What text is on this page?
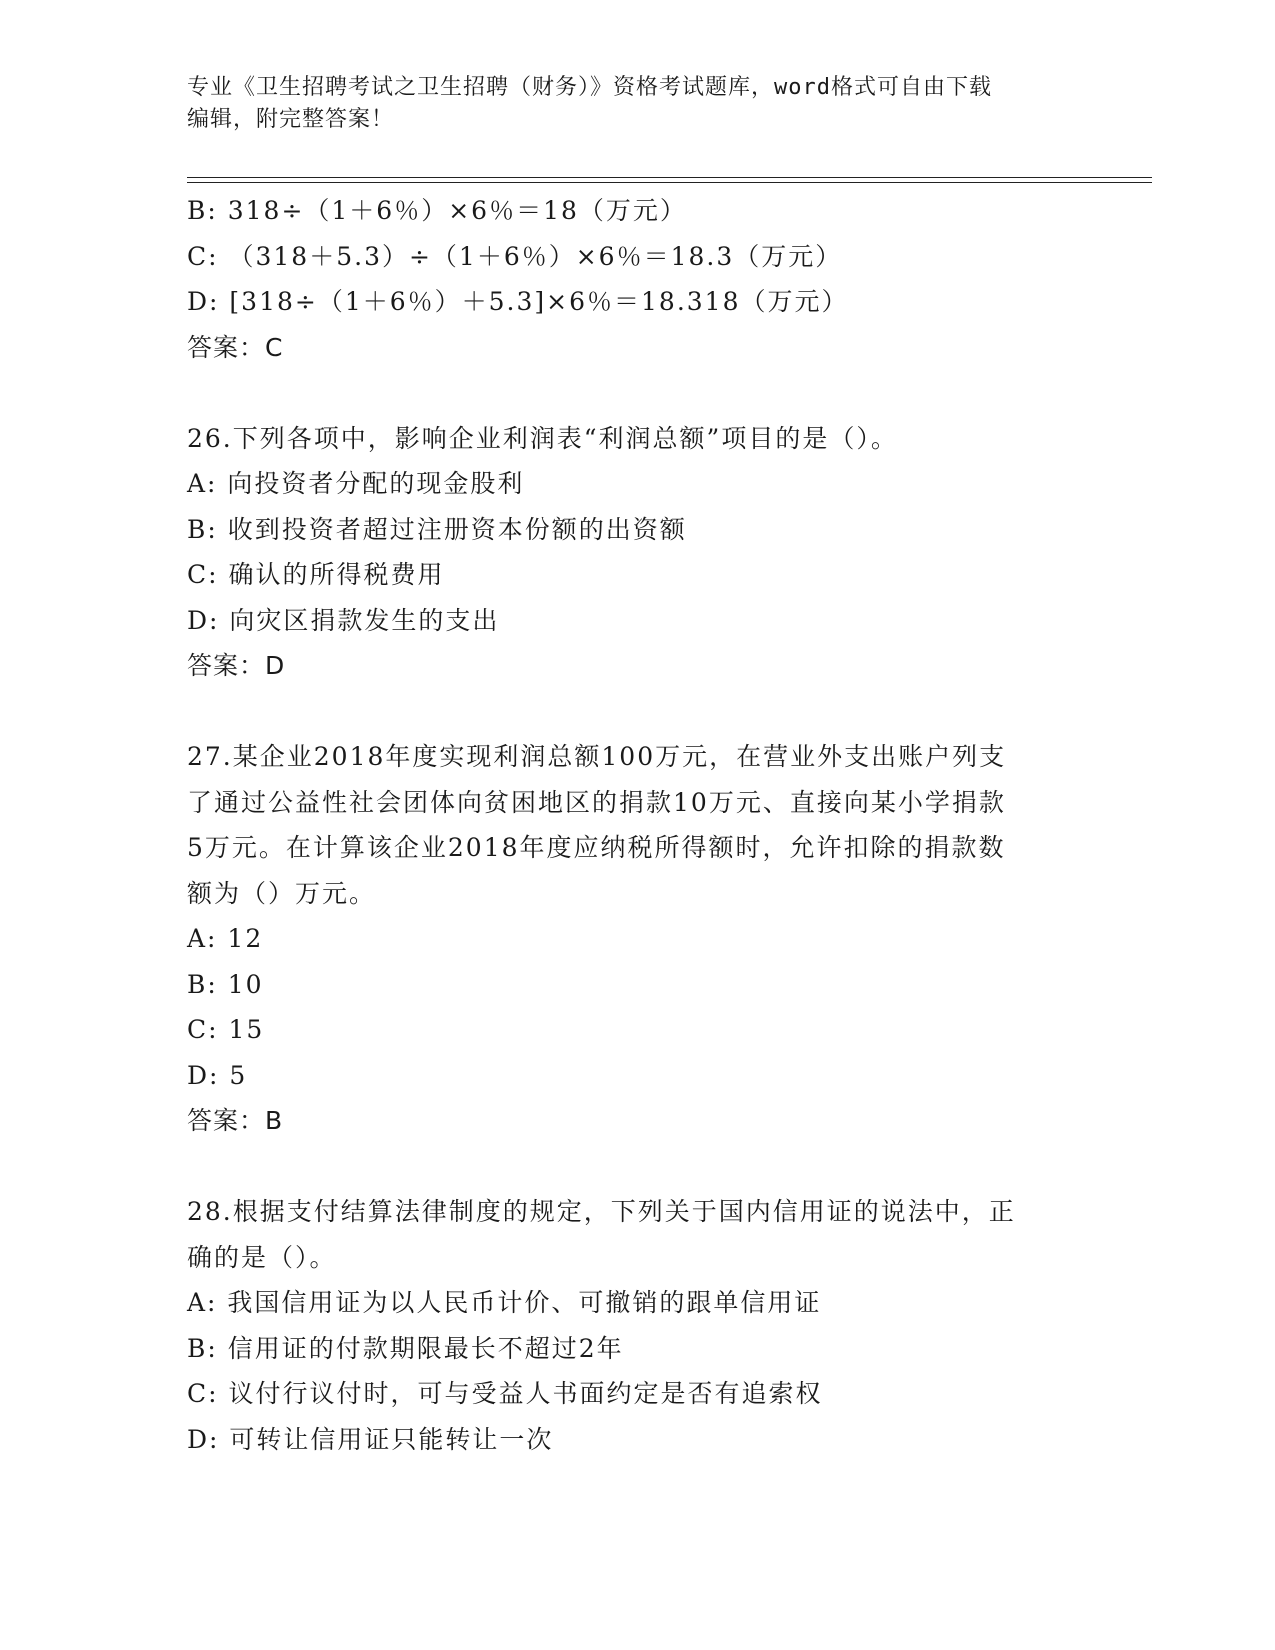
专业《卫生招聘考试之卫生招聘（财务）》资格考试题库，word格式可自由下载
编辑，附完整答案！
B: 318÷（1＋6％）×6％＝18（万元）
C: （318＋5.3）÷（1＋6％）×6％＝18.3（万元）
D: [318÷（1＋6％）＋5.3]×6％＝18.318（万元）
答案：C
26.下列各项中，影响企业利润表“利润总额”项目的是（）。
A: 向投资者分配的现金股利
B: 收到投资者超过注册资本份额的出资额
C: 确认的所得税费用
D: 向灾区捐款发生的支出
答案：D
27.某企业2018年度实现利润总额100万元，在营业外支出账户列支
了通过公益性社会团体向贫困地区的捐款10万元、直接向某小学捐款
5万元。在计算该企业2018年度应纳税所得额时，允许扣除的捐款数
额为（）万元。
A: 12
B: 10
C: 15
D: 5
答案：B
28.根据支付结算法律制度的规定，下列关于国内信用证的说法中，正
确的是（）。
A: 我国信用证为以人民币计价、可撤销的跟单信用证
B: 信用证的付款期限最长不超过2年
C: 议付行议付时，可与受益人书面约定是否有追索权
D: 可转让信用证只能转让一次
